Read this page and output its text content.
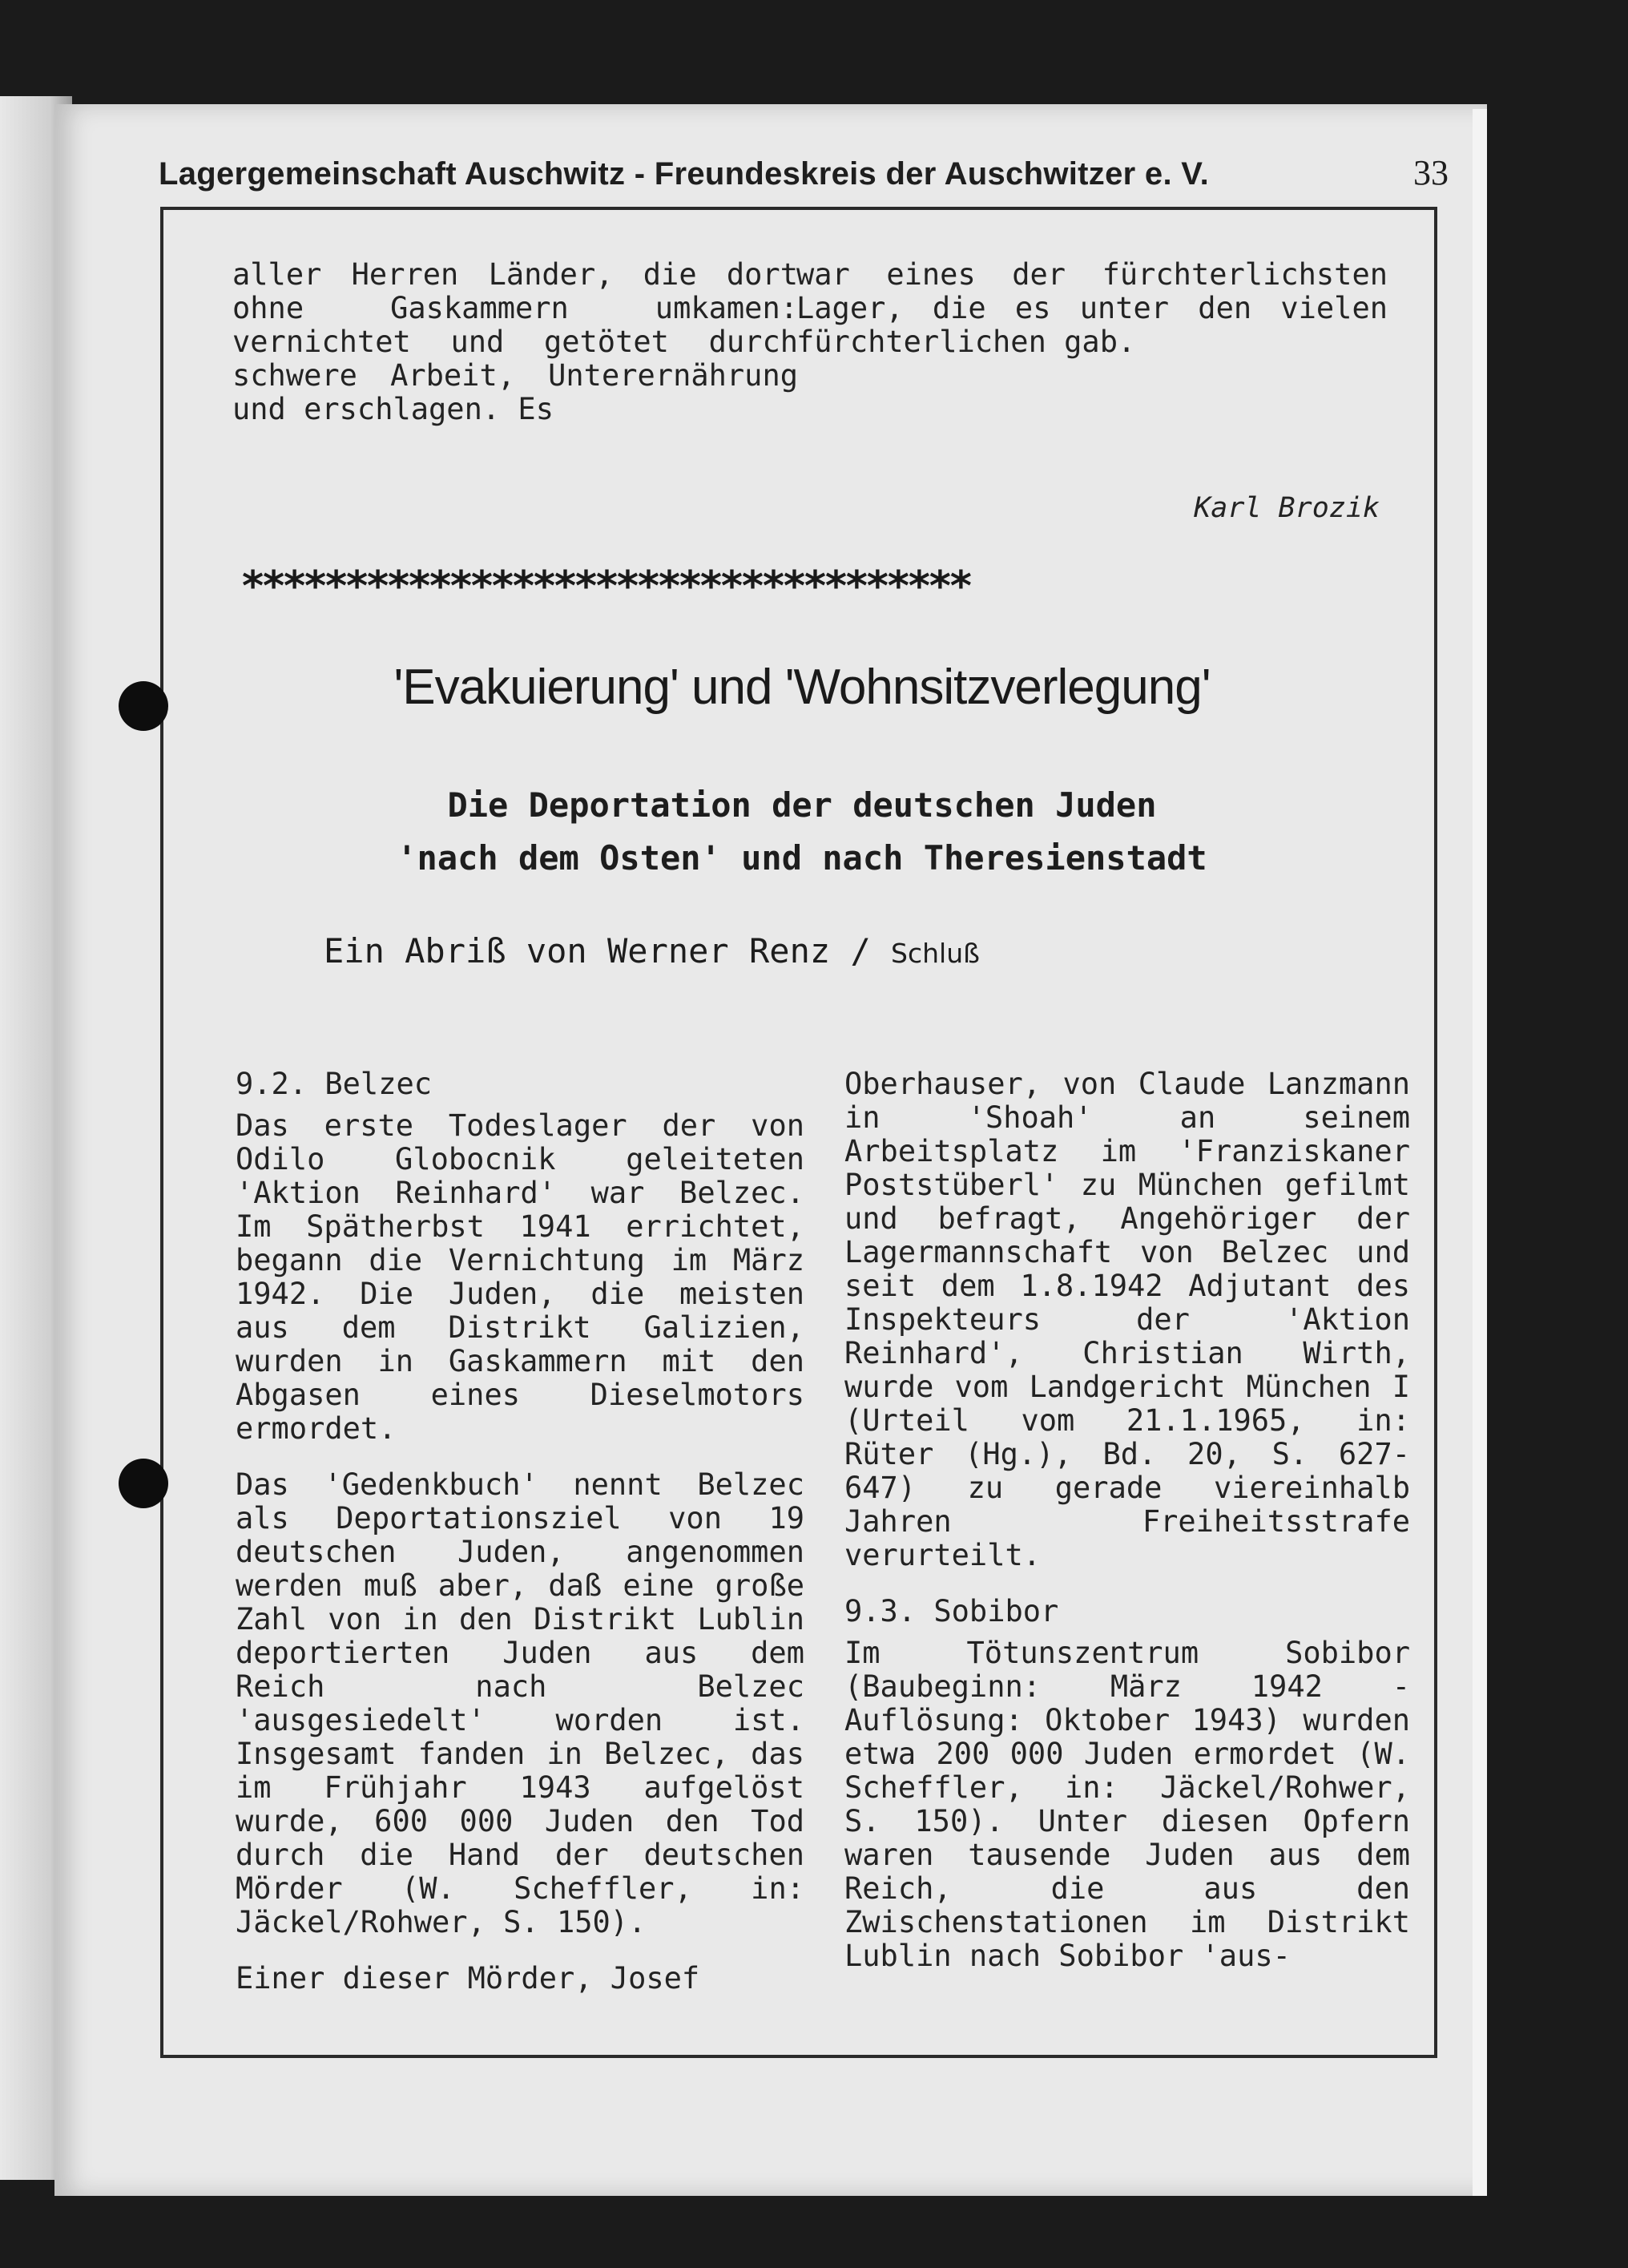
Lagergemeinschaft Auschwitz - Freundeskreis der Auschwitzer e. V.	33

aller Herren Länder, die dort ohne Gaskammern umkamen: vernichtet und getötet durch schwere Arbeit, Unterernährung und erschlagen. Es

war eines der fürchterlichsten Lager, die es unter den vielen fürchterlichen gab.

Karl Brozik
***********************************
'Evakuierung' und 'Wohnsitzverlegung'
Die Deportation der deutschen Juden
'nach dem Osten' und nach Theresienstadt
Ein Abriß von Werner Renz / Schluß

9.2. Belzec

Das erste Todeslager der von Odilo Globocnik geleiteten 'Aktion Reinhard' war Belzec. Im Spätherbst 1941 errichtet, begann die Vernichtung im März 1942. Die Juden, die meisten aus dem Distrikt Galizien, wurden in Gaskammern mit den Abgasen eines Dieselmotors ermordet.

Das 'Gedenkbuch' nennt Belzec als Deportationsziel von 19 deutschen Juden, angenommen werden muß aber, daß eine große Zahl von in den Distrikt Lublin deportierten Juden aus dem Reich nach Belzec 'ausgesiedelt' worden ist. Insgesamt fanden in Belzec, das im Frühjahr 1943 aufgelöst wurde, 600 000 Juden den Tod durch die Hand der deutschen Mörder (W. Scheffler, in: Jäckel/Rohwer, S. 150).

Einer dieser Mörder, Josef

Oberhauser, von Claude Lanzmann in 'Shoah' an seinem Arbeitsplatz im 'Franziskaner Poststüberl' zu München gefilmt und befragt, Angehöriger der Lagermannschaft von Belzec und seit dem 1.8.1942 Adjutant des Inspekteurs der 'Aktion Reinhard', Christian Wirth, wurde vom Landgericht München I (Urteil vom 21.1.1965, in: Rüter (Hg.), Bd. 20, S. 627-647) zu gerade viereinhalb Jahren Freiheitsstrafe verurteilt.

9.3. Sobibor

Im Tötunszentrum Sobibor (Baubeginn: März 1942 - Auflösung: Oktober 1943) wurden etwa 200 000 Juden ermordet (W. Scheffler, in: Jäckel/Rohwer, S. 150). Unter diesen Opfern waren tausende Juden aus dem Reich, die aus den Zwischenstationen im Distrikt Lublin nach Sobibor 'aus-
